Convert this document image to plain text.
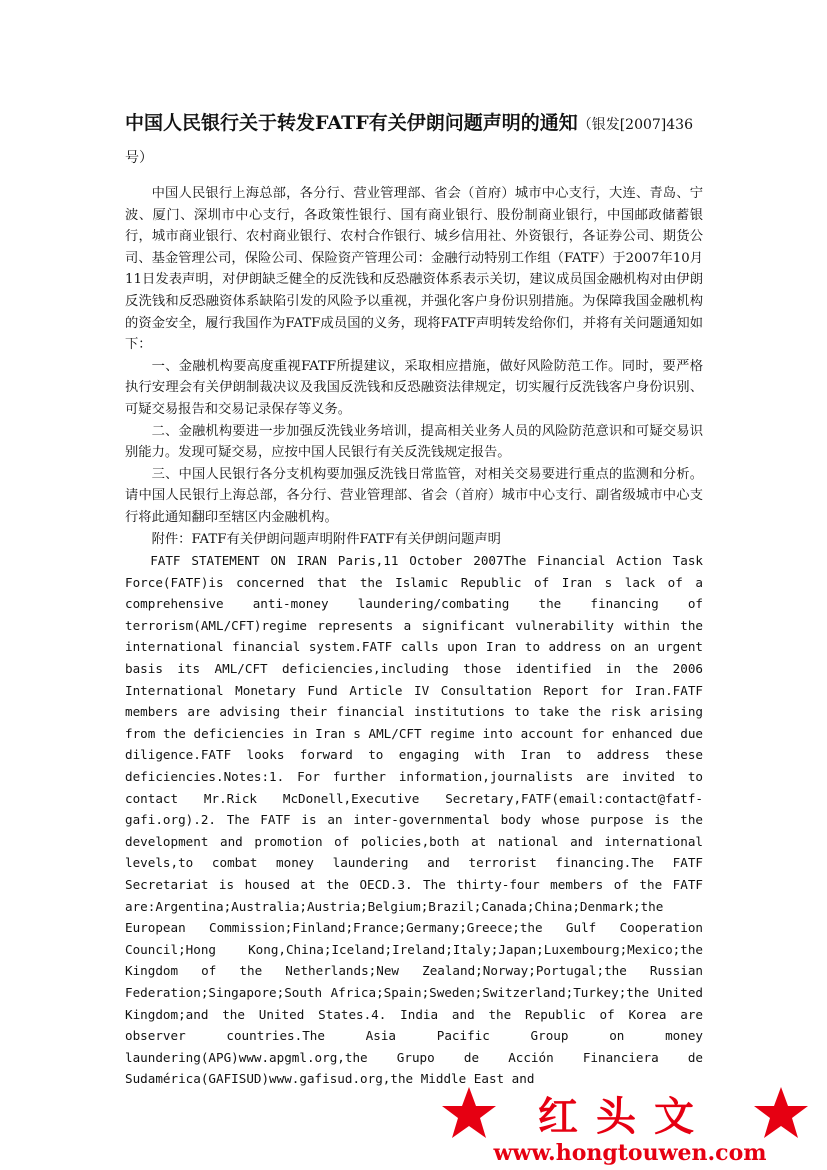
中国人民银行关于转发FATF有关伊朗问题声明的通知（银发[2007]436
号）

中国人民银行上海总部，各分行、营业管理部、省会（首府）城市中心支行，大连、青岛、宁波、厦门、深圳市中心支行，各政策性银行、国有商业银行、股份制商业银行，中国邮政储蓄银行，城市商业银行、农村商业银行、农村合作银行、城乡信用社、外资银行，各证券公司、期货公司、基金管理公司，保险公司、保险资产管理公司：金融行动特别工作组（FATF）于2007年10月11日发表声明，对伊朗缺乏健全的反洗钱和反恐融资体系表示关切，建议成员国金融机构对由伊朗反洗钱和反恐融资体系缺陷引发的风险予以重视，并强化客户身份识别措施。为保障我国金融机构的资金安全，履行我国作为FATF成员国的义务，现将FATF声明转发给你们，并将有关问题通知如下：

一、金融机构要高度重视FATF所提建议，采取相应措施，做好风险防范工作。同时，要严格执行安理会有关伊朗制裁决议及我国反洗钱和反恐融资法律规定，切实履行反洗钱客户身份识别、可疑交易报告和交易记录保存等义务。

二、金融机构要进一步加强反洗钱业务培训，提高相关业务人员的风险防范意识和可疑交易识别能力。发现可疑交易，应按中国人民银行有关反洗钱规定报告。

三、中国人民银行各分支机构要加强反洗钱日常监管，对相关交易要进行重点的监测和分析。请中国人民银行上海总部，各分行、营业管理部、省会（首府）城市中心支行、副省级城市中心支行将此通知翻印至辖区内金融机构。

附件：FATF有关伊朗问题声明附件FATF有关伊朗问题声明

FATF STATEMENT ON IRAN Paris,11 October 2007The Financial Action Task Force(FATF)is concerned that the Islamic Republic of Iran s lack of a comprehensive anti-money laundering/combating the financing of terrorism(AML/CFT)regime represents a significant vulnerability within the international financial system.FATF calls upon Iran to address on an urgent basis its AML/CFT deficiencies,including those identified in the 2006 International Monetary Fund Article IV Consultation Report for Iran.FATF members are advising their financial institutions to take the risk arising from the deficiencies in Iran s AML/CFT regime into account for enhanced due diligence.FATF looks forward to engaging with Iran to address these deficiencies.Notes:1. For further information,journalists are invited to contact Mr.Rick McDonell,Executive Secretary,FATF(email:contact@fatf-gafi.org).2. The FATF is an inter-governmental body whose purpose is the development and promotion of policies,both at national and international levels,to combat money laundering and terrorist financing.The FATF Secretariat is housed at the OECD.3. The thirty-four members of the FATF are:Argentina;Australia;Austria;Belgium;Brazil;Canada;China;Denmark;the European Commission;Finland;France;Germany;Greece;the Gulf Cooperation Council;Hong Kong,China;Iceland;Ireland;Italy;Japan;Luxembourg;Mexico;the Kingdom of the Netherlands;New Zealand;Norway;Portugal;the Russian Federation;Singapore;South Africa;Spain;Sweden;Switzerland;Turkey;the United Kingdom;and the United States.4. India and the Republic of Korea are observer countries.The Asia Pacific Group on money laundering(APG)www.apgml.org,the Grupo de Acción Financiera de Sudamérica(GAFISUD)www.gafisud.org,the Middle East and

红头文
www.hongtouwen.com
